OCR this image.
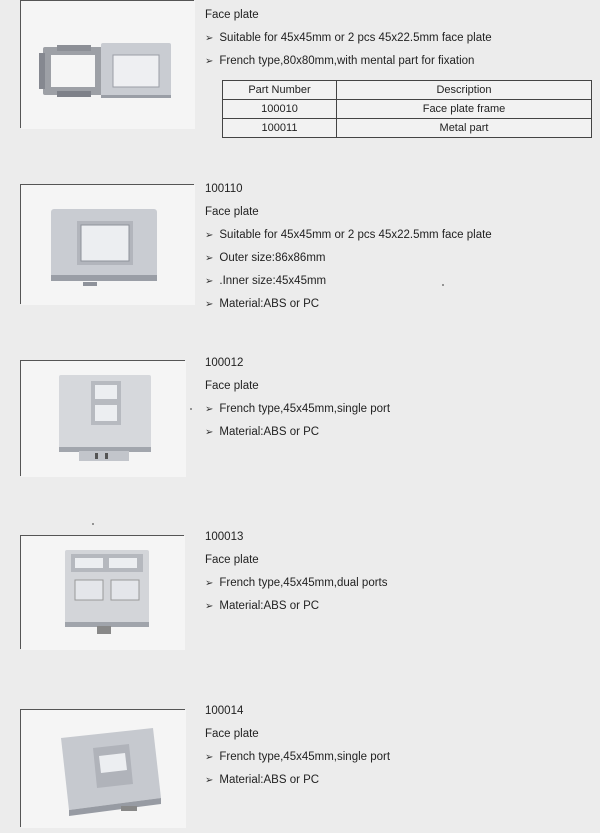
Face plate
➢ Suitable for 45x45mm or 2 pcs 45x22.5mm face plate
➢ French type,80x80mm,with mental part for fixation
Part Number	Description
100010	Face plate frame
100011	Metal part
100110
Face plate
➢ Suitable for 45x45mm or 2 pcs 45x22.5mm face plate
➢ Outer size:86x86mm
➢ .Inner size:45x45mm
➢ Material:ABS or PC
100012
Face plate
➢ French type,45x45mm,single port
➢ Material:ABS or PC
100013
Face plate
➢ French type,45x45mm,dual ports
➢ Material:ABS or PC
100014
Face plate
➢ French type,45x45mm,single port
➢ Material:ABS or PC
